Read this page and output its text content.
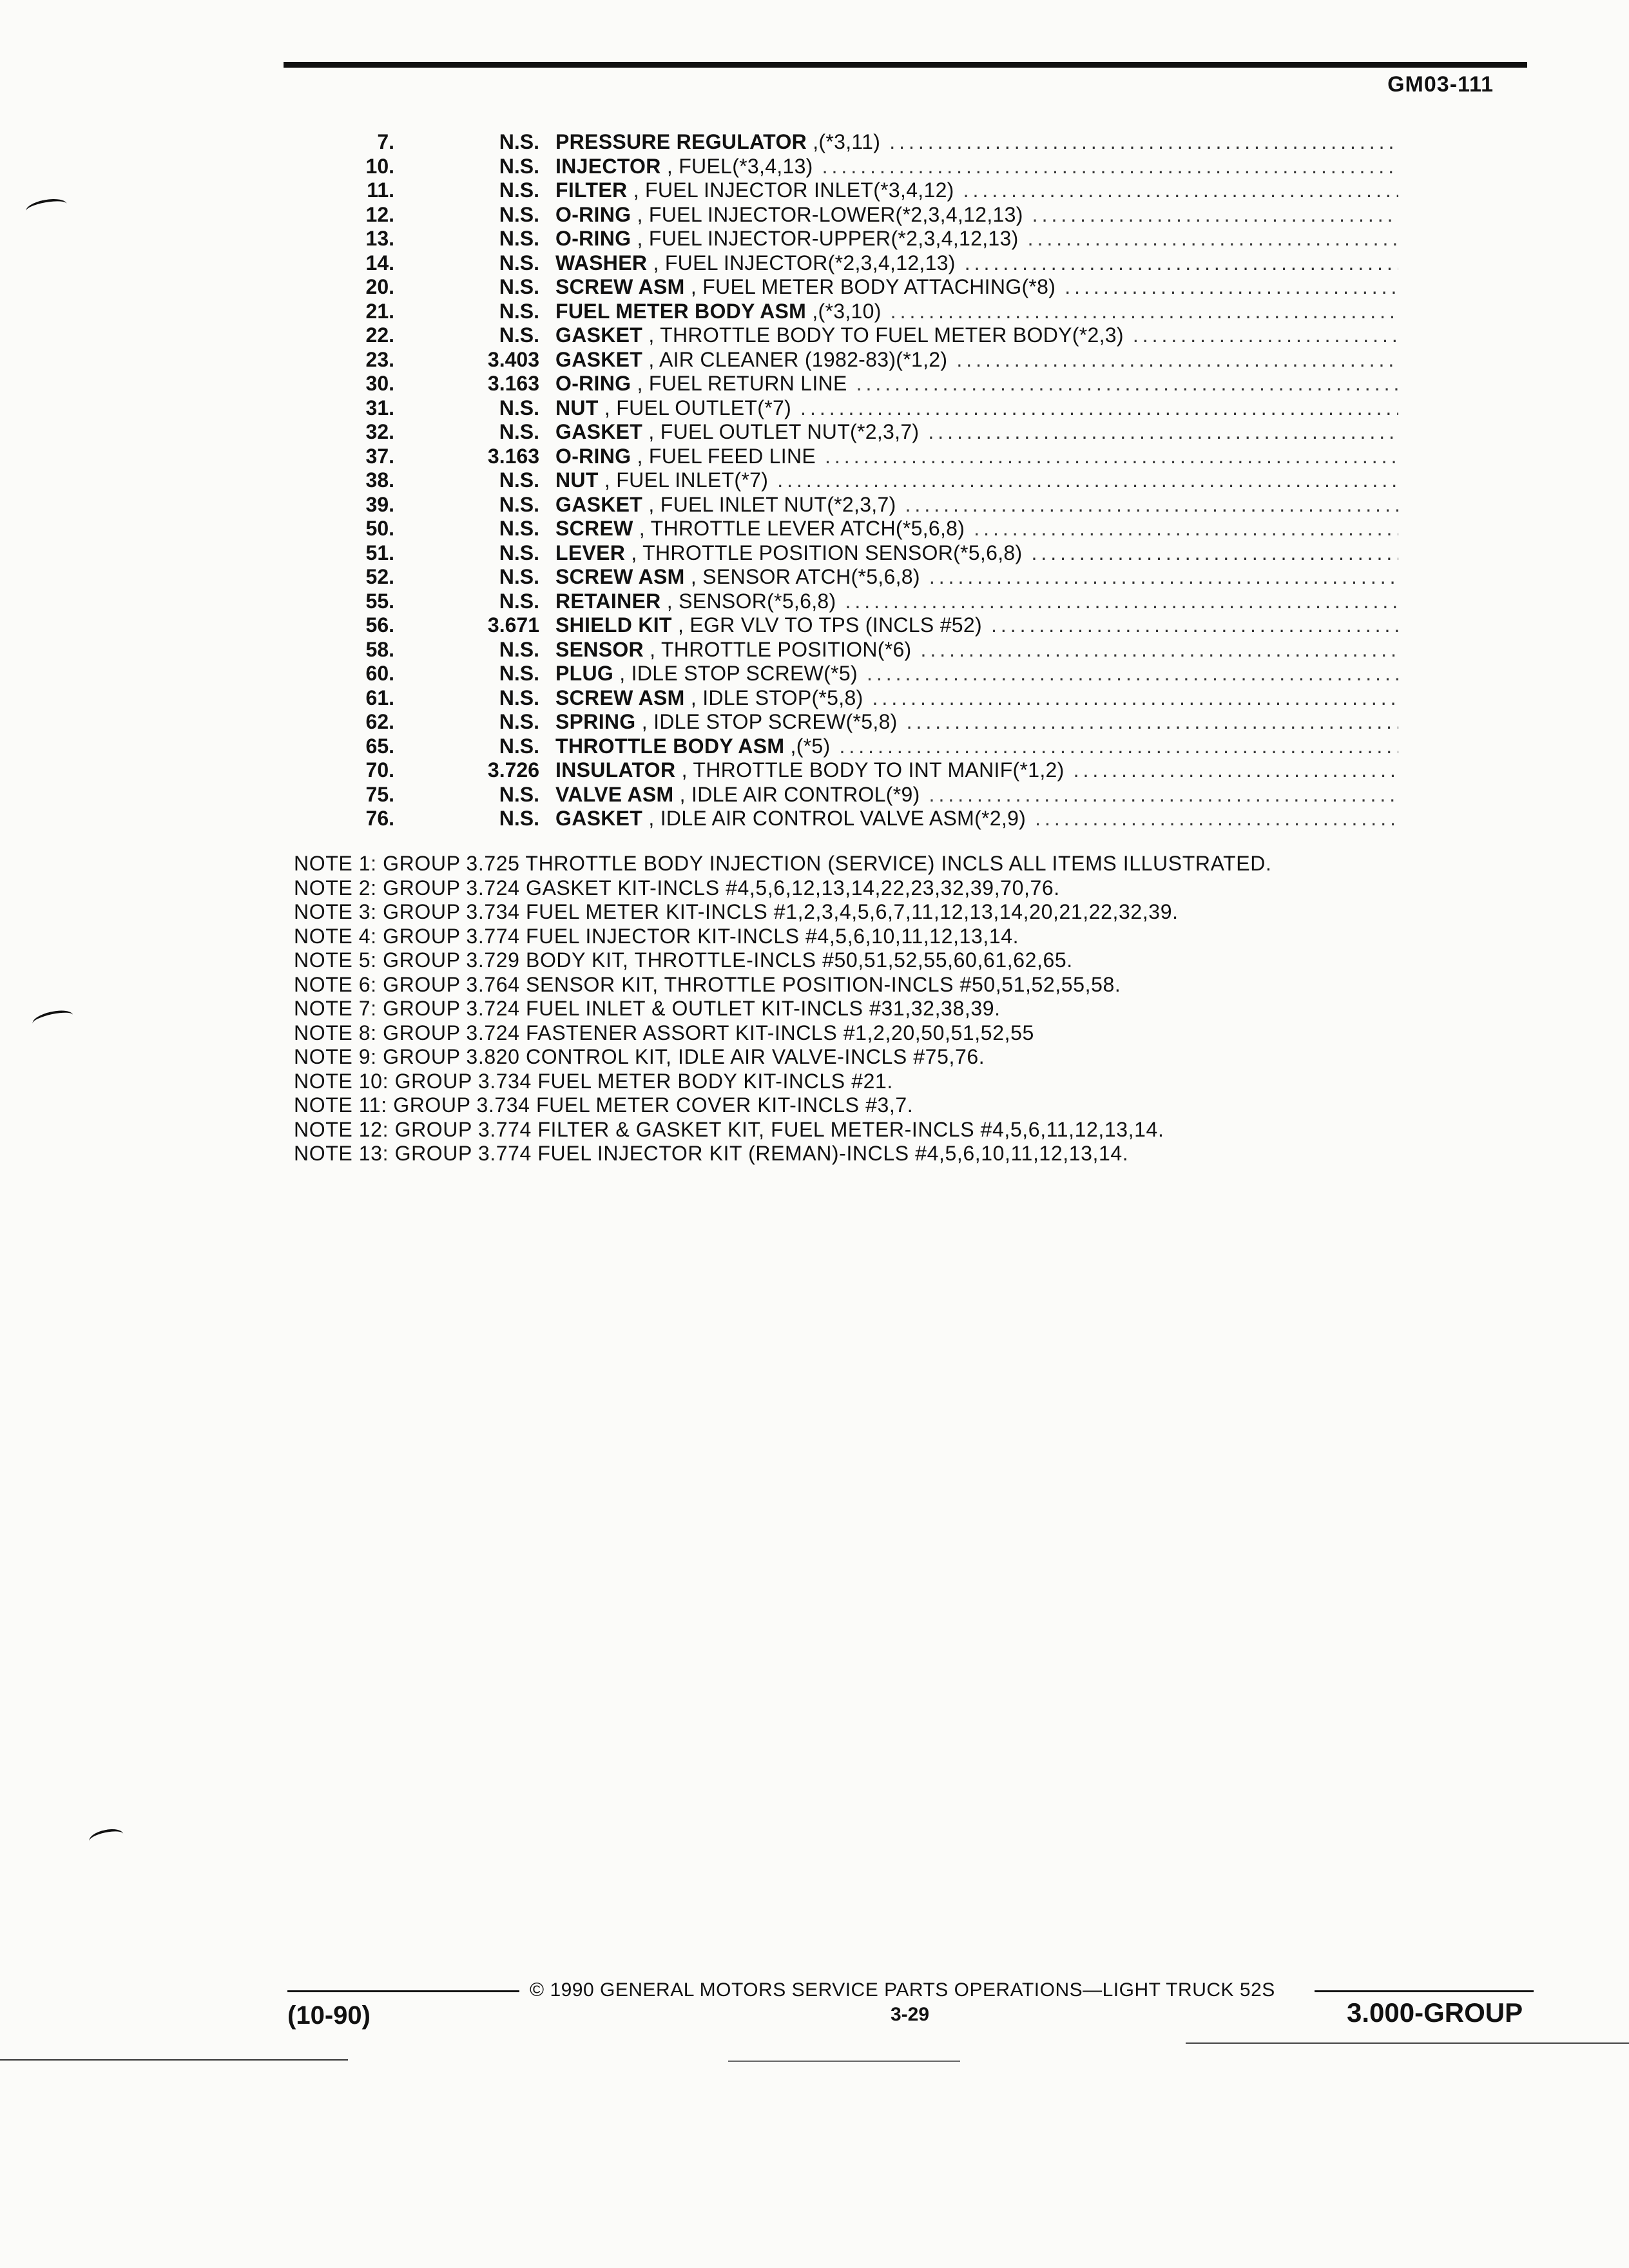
GM03-111
7.	N.S. PRESSURE REGULATOR ,(*3,11)
.....
10.	N.S. INJECTOR , FUEL(*3,4,13)
.....
11.	N.S. FILTER , FUEL INJECTOR INLET(*3,4,12)
.....
12.	N.S. O-RING , FUEL INJECTOR-LOWER(*2,3,4,12,13)
.....
13.	N.S. O-RING , FUEL INJECTOR-UPPER(*2,3,4,12,13)
.....
14.	N.S. WASHER , FUEL INJECTOR(*2,3,4,12,13)
.....
20.	N.S. SCREW ASM , FUEL METER BODY ATTACHING(*8)
.....
21.	N.S. FUEL METER BODY ASM ,(*3,10)
.....
22.	N.S. GASKET , THROTTLE BODY TO FUEL METER BODY(*2,3)
.....
23.	3.403 GASKET , AIR CLEANER (1982-83)(*1,2)
.....
30.	3.163 O-RING , FUEL RETURN LINE
.....
31.	N.S. NUT , FUEL OUTLET(*7)
.....
32.	N.S. GASKET , FUEL OUTLET NUT(*2,3,7)
.....
37.	3.163 O-RING , FUEL FEED LINE
.....
38.	N.S. NUT , FUEL INLET(*7)
.....
39.	N.S. GASKET , FUEL INLET NUT(*2,3,7)
.....
50.	N.S. SCREW , THROTTLE LEVER ATCH(*5,6,8)
.....
51.	N.S. LEVER , THROTTLE POSITION SENSOR(*5,6,8)
.....
52.	N.S. SCREW ASM , SENSOR ATCH(*5,6,8)
.....
55.	N.S. RETAINER , SENSOR(*5,6,8)
.....
56.	3.671 SHIELD KIT , EGR VLV TO TPS (INCLS #52)
.....
58.	N.S. SENSOR , THROTTLE POSITION(*6)
.....
60.	N.S. PLUG , IDLE STOP SCREW(*5)
.....
61.	N.S. SCREW ASM , IDLE STOP(*5,8)
.....
62.	N.S. SPRING , IDLE STOP SCREW(*5,8)
.....
65.	N.S. THROTTLE BODY ASM ,(*5)
.....
70.	3.726 INSULATOR , THROTTLE BODY TO INT MANIF(*1,2)
.....
75.	N.S. VALVE ASM , IDLE AIR CONTROL(*9)
.....
76.	N.S. GASKET , IDLE AIR CONTROL VALVE ASM(*2,9)
.....
NOTE 1: GROUP 3.725 THROTTLE BODY INJECTION (SERVICE) INCLS ALL ITEMS ILLUSTRATED.
NOTE 2: GROUP 3.724 GASKET KIT-INCLS #4,5,6,12,13,14,22,23,32,39,70,76.
NOTE 3: GROUP 3.734 FUEL METER KIT-INCLS #1,2,3,4,5,6,7,11,12,13,14,20,21,22,32,39.
NOTE 4: GROUP 3.774 FUEL INJECTOR KIT-INCLS #4,5,6,10,11,12,13,14.
NOTE 5: GROUP 3.729 BODY KIT, THROTTLE-INCLS #50,51,52,55,60,61,62,65.
NOTE 6: GROUP 3.764 SENSOR KIT, THROTTLE POSITION-INCLS #50,51,52,55,58.
NOTE 7: GROUP 3.724 FUEL INLET & OUTLET KIT-INCLS #31,32,38,39.
NOTE 8: GROUP 3.724 FASTENER ASSORT KIT-INCLS #1,2,20,50,51,52,55
NOTE 9: GROUP 3.820 CONTROL KIT, IDLE AIR VALVE-INCLS #75,76.
NOTE 10: GROUP 3.734 FUEL METER BODY KIT-INCLS #21.
NOTE 11: GROUP 3.734 FUEL METER COVER KIT-INCLS #3,7.
NOTE 12: GROUP 3.774 FILTER & GASKET KIT, FUEL METER-INCLS #4,5,6,11,12,13,14.
NOTE 13: GROUP 3.774 FUEL INJECTOR KIT (REMAN)-INCLS #4,5,6,10,11,12,13,14.
(10-90)
© 1990 GENERAL MOTORS SERVICE PARTS OPERATIONS—LIGHT TRUCK 52S
3-29	3.000-GROUP
